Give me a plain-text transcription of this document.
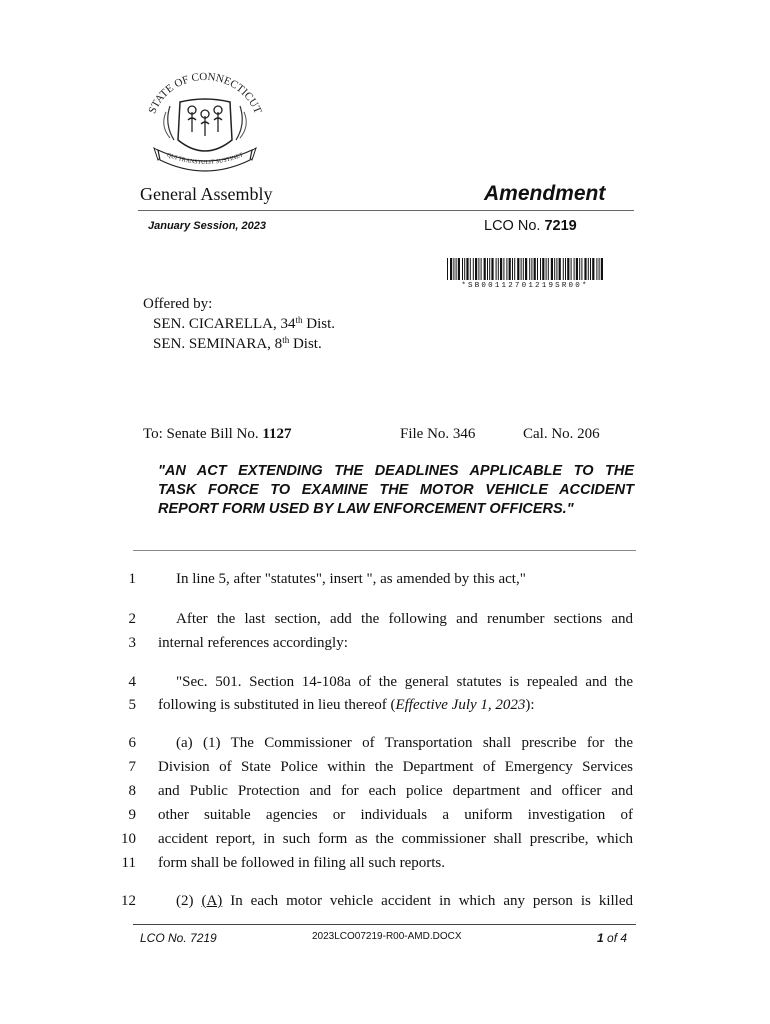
STATE OF CONNECTICUT
QUI TRANSTULIT SUSTINET
General Assembly	Amendment
January Session, 2023	LCO No. 7219
*SB00112701219SR00*
Offered by:
SEN. CICARELLA, 34th Dist.
SEN. SEMINARA, 8th Dist.
To: Senate Bill No. 1127	File No. 346	Cal. No. 206
"AN ACT EXTENDING THE DEADLINES APPLICABLE TO THE
TASK FORCE TO EXAMINE THE MOTOR VEHICLE ACCIDENT
REPORT FORM USED BY LAW ENFORCEMENT OFFICERS."
1	In line 5, after "statutes", insert ", as amended by this act,"
2	After the last section, add the following and renumber sections and
3 internal references accordingly:
4	"Sec. 501. Section 14-108a of the general statutes is repealed and the
5 following is substituted in lieu thereof (Effective July 1, 2023):
6	(a) (1) The Commissioner of Transportation shall prescribe for the
7 Division of State Police within the Department of Emergency Services
8 and Public Protection and for each police department and officer and
9 other suitable agencies or individuals a uniform investigation of
10 accident report, in such form as the commissioner shall prescribe, which
11 form shall be followed in filing all such reports.
12	(2) (A) In each motor vehicle accident in which any person is killed
LCO No. 7219	2023LCO07219-R00-AMD.DOCX	1 of 4
